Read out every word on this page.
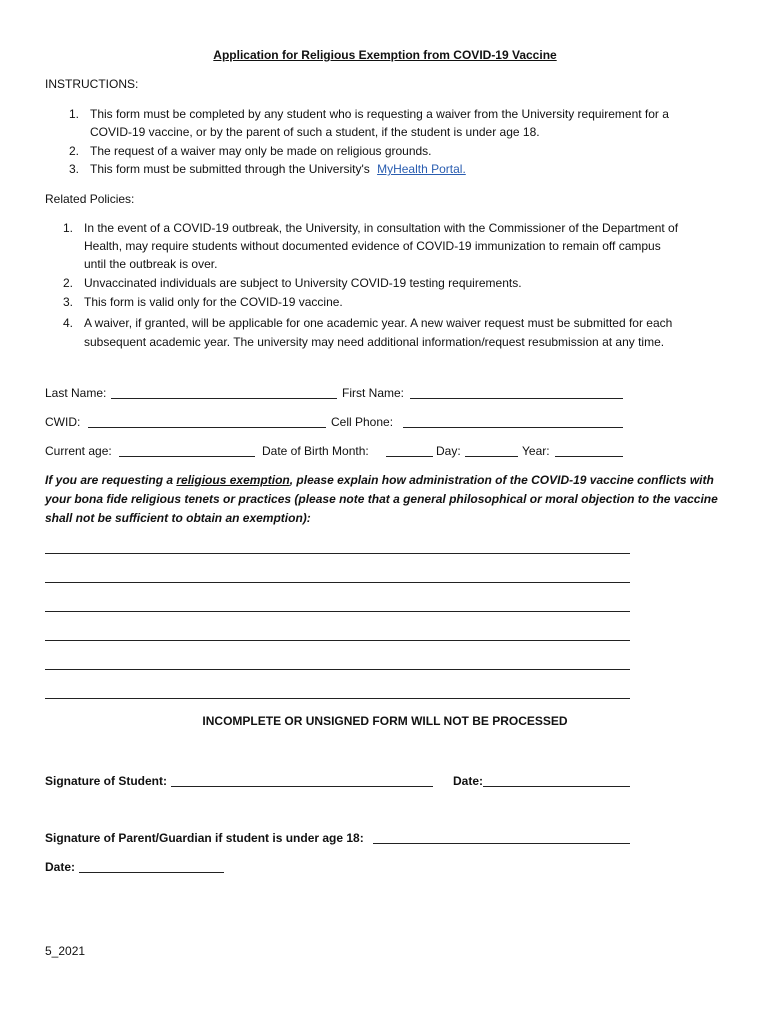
Application for Religious Exemption from COVID-19 Vaccine
INSTRUCTIONS:
1. This form must be completed by any student who is requesting a waiver from the University requirement for a
COVID-19 vaccine, or by the parent of such a student, if the student is under age 18.
2. The request of a waiver may only be made on religious grounds.
3. This form must be submitted through the University's MyHealth Portal.
Related Policies:
1. In the event of a COVID-19 outbreak, the University, in consultation with the Commissioner of the Department of
Health, may require students without documented evidence of COVID-19 immunization to remain off campus
until the outbreak is over.
2. Unvaccinated individuals are subject to University COVID-19 testing requirements.
3. This form is valid only for the COVID-19 vaccine.
4. A waiver, if granted, will be applicable for one academic year. A new waiver request must be submitted for each
subsequent academic year. The university may need additional information/request resubmission at any time.
Last Name:	First Name:
CWID:	Cell Phone:
Current age:	Date of Birth Month:	Day:	Year:
If you are requesting a religious exemption, please explain how administration of the COVID-19 vaccine conflicts with
your bona fide religious tenets or practices (please note that a general philosophical or moral objection to the vaccine
shall not be sufficient to obtain an exemption):
INCOMPLETE OR UNSIGNED FORM WILL NOT BE PROCESSED
Signature of Student:	Date:
Signature of Parent/Guardian if student is under age 18:
Date:
5_2021
